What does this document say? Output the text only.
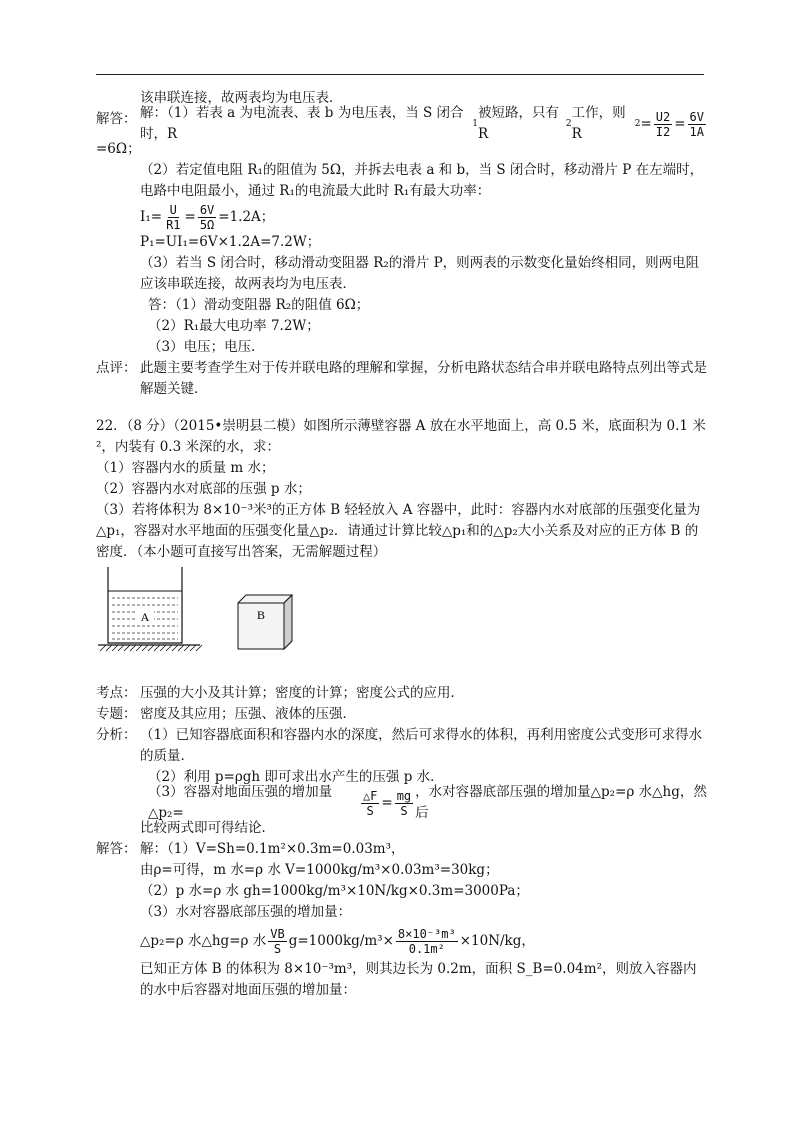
该串联连接，故两表均为电压表．

解答： 解：（1）若表 a 为电流表、表 b 为电压表，当 S 闭合时，R
1
被短路，只有 R
2
工作，则 R
$2 = \frac{U2}{I2} = \frac{6V}{1A}$

=6Ω；

（2）若定值电阻 R₁的阻值为 5Ω，并拆去电表 a 和 b，当 S 闭合时，移动滑片 P 在左端时，电路中电阻最小，通过 R₁的电流最大此时 R₁有最大功率：

$I_1= \frac{U}{R1} = \frac{6V}{5\Omega} =1.2A$；

P₁=UI₁=6V×1.2A=7.2W；

（3）若当 S 闭合时，移动滑动变阻器 R₂的滑片 P，则两表的示数变化量始终相同，则两电阻应该串联连接，故两表均为电压表．

答：（1）滑动变阻器 R₂的阻值 6Ω；

（2）R₁最大电功率 7.2W；

（3）电压；电压．

点评： 此题主要考查学生对于传并联电路的理解和掌握，分析电路状态结合串并联电路特点列出等式是解题关键．

22．（8 分）（2015•崇明县二模）如图所示薄壁容器 A 放在水平地面上，高 0.5 米，底面积为 0.1 米²，内装有 0.3 米深的水，求：

（1）容器内水的质量 m 水；

（2）容器内水对底部的压强 p 水；

（3）若将体积为 8×10⁻³米³的正方体 B 轻轻放入 A 容器中，此时：容器内水对底部的压强变化量为△p₁，容器对水平地面的压强变化量△p₂．请通过计算比较△p₁和的△p₂大小关系及对应的正方体 B 的密度．（本小题可直接写出答案，无需解题过程）

A	B
考点： 压强的大小及其计算；密度的计算；密度公式的应用．
专题： 密度及其应用；压强、液体的压强．
分析： （1）已知容器底面积和容器内水的深度，然后可求得水的体积，再利用密度公式变形可求得水的质量．

（2）利用 p=ρgh 即可求出水产生的压强 p 水．

（3）容器对地面压强的增加量△p₂=	$\frac{\triangle F}{S} = \frac{mg}{S}$ ，水对容器底部压强的增加量△p₂=ρ 水△hg，然后

比较两式即可得结论．

解答： 解：（1）V=Sh=0.1m²×0.3m=0.03m³，

由ρ=可得，m 水=ρ 水 V=1000kg/m³×0.03m³=30kg；

（2）p 水=ρ 水 gh=1000kg/m³×10N/kg×0.3m=3000Pa；

（3）水对容器底部压强的增加量：

△p₂=ρ 水△hg=ρ 水 $\frac{VB}{S} g=1000kg/m^3\times \frac{\text{8×10⁻³m³}}{\text{0.1m²}} \times 10N/kg$，

已知正方体 B 的体积为 8×10⁻³m³，则其边长为 0.2m，面积 S_B=0.04m²，则放入容器内的水中后容器对地面压强的增加量：
